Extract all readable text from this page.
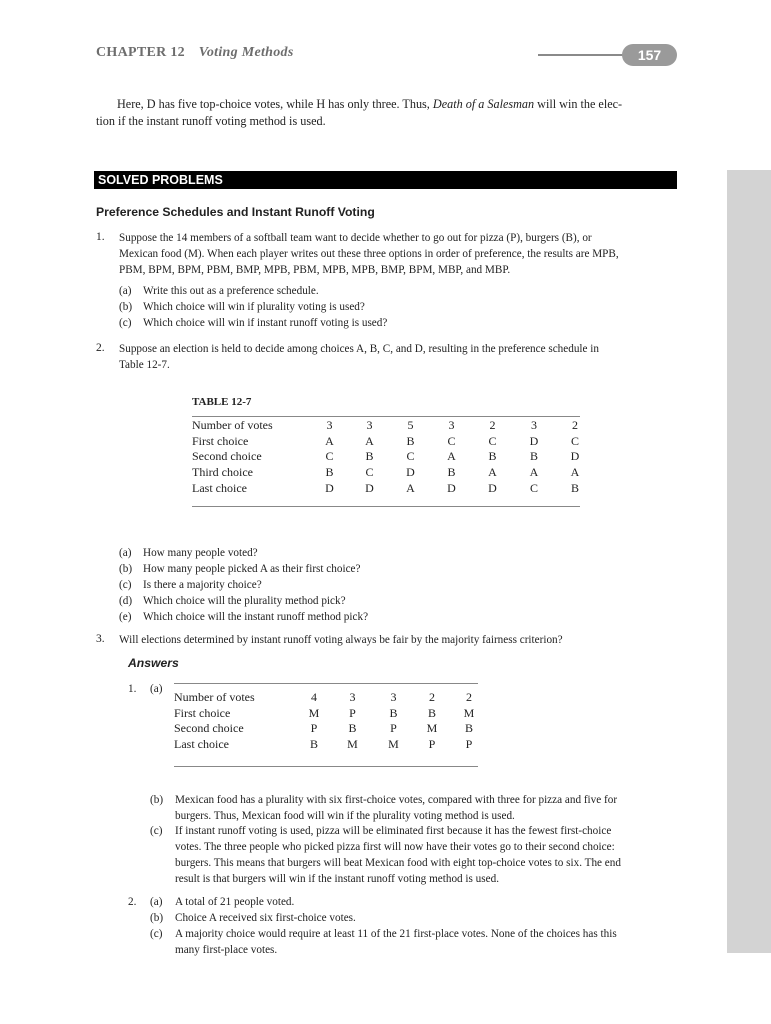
CHAPTER 12 Voting Methods	157
Here, D has five top-choice votes, while H has only three. Thus, Death of a Salesman will win the elec-
tion if the instant runoff voting method is used.
SOLVED PROBLEMS
Preference Schedules and Instant Runoff Voting
1. Suppose the 14 members of a softball team want to decide whether to go out for pizza (P), burgers (B), or
Mexican food (M). When each player writes out these three options in order of preference, the results are MPB,
PBM, BPM, BPM, PBM, BMP, MPB, PBM, MPB, MPB, BMP, BPM, MBP, and MBP.
(a) Write this out as a preference schedule.
(b) Which choice will win if plurality voting is used?
(c) Which choice will win if instant runoff voting is used?
2. Suppose an election is held to decide among choices A, B, C, and D, resulting in the preference schedule in
Table 12-7.
TABLE 12-7
Number of votes	3	3	5	3	2	3	2
First choice	A	A	B	C	C	D	C
Second choice	C	B	C	A	B	B	D
Third choice	B	C	D	B	A	A	A
Last choice	D	D	A	D	D	C	B
(a) How many people voted?
(b) How many people picked A as their first choice?
(c) Is there a majority choice?
(d) Which choice will the plurality method pick?
(e) Which choice will the instant runoff method pick?
3. Will elections determined by instant runoff voting always be fair by the majority fairness criterion?
Answers
1. (a)
Number of votes	4	3	3	2	2
First choice	M	P	B	B	M
Second choice	P	B	P	M	B
Last choice	B	M	M	P	P
(b) Mexican food has a plurality with six first-choice votes, compared with three for pizza and five for
burgers. Thus, Mexican food will win if the plurality voting method is used.
(c) If instant runoff voting is used, pizza will be eliminated first because it has the fewest first-choice
votes. The three people who picked pizza first will now have their votes go to their second choice:
burgers. This means that burgers will beat Mexican food with eight top-choice votes to six. The end
result is that burgers will win if the instant runoff voting method is used.
2. (a) A total of 21 people voted.
(b) Choice A received six first-choice votes.
(c) A majority choice would require at least 11 of the 21 first-place votes. None of the choices has this
many first-place votes.
